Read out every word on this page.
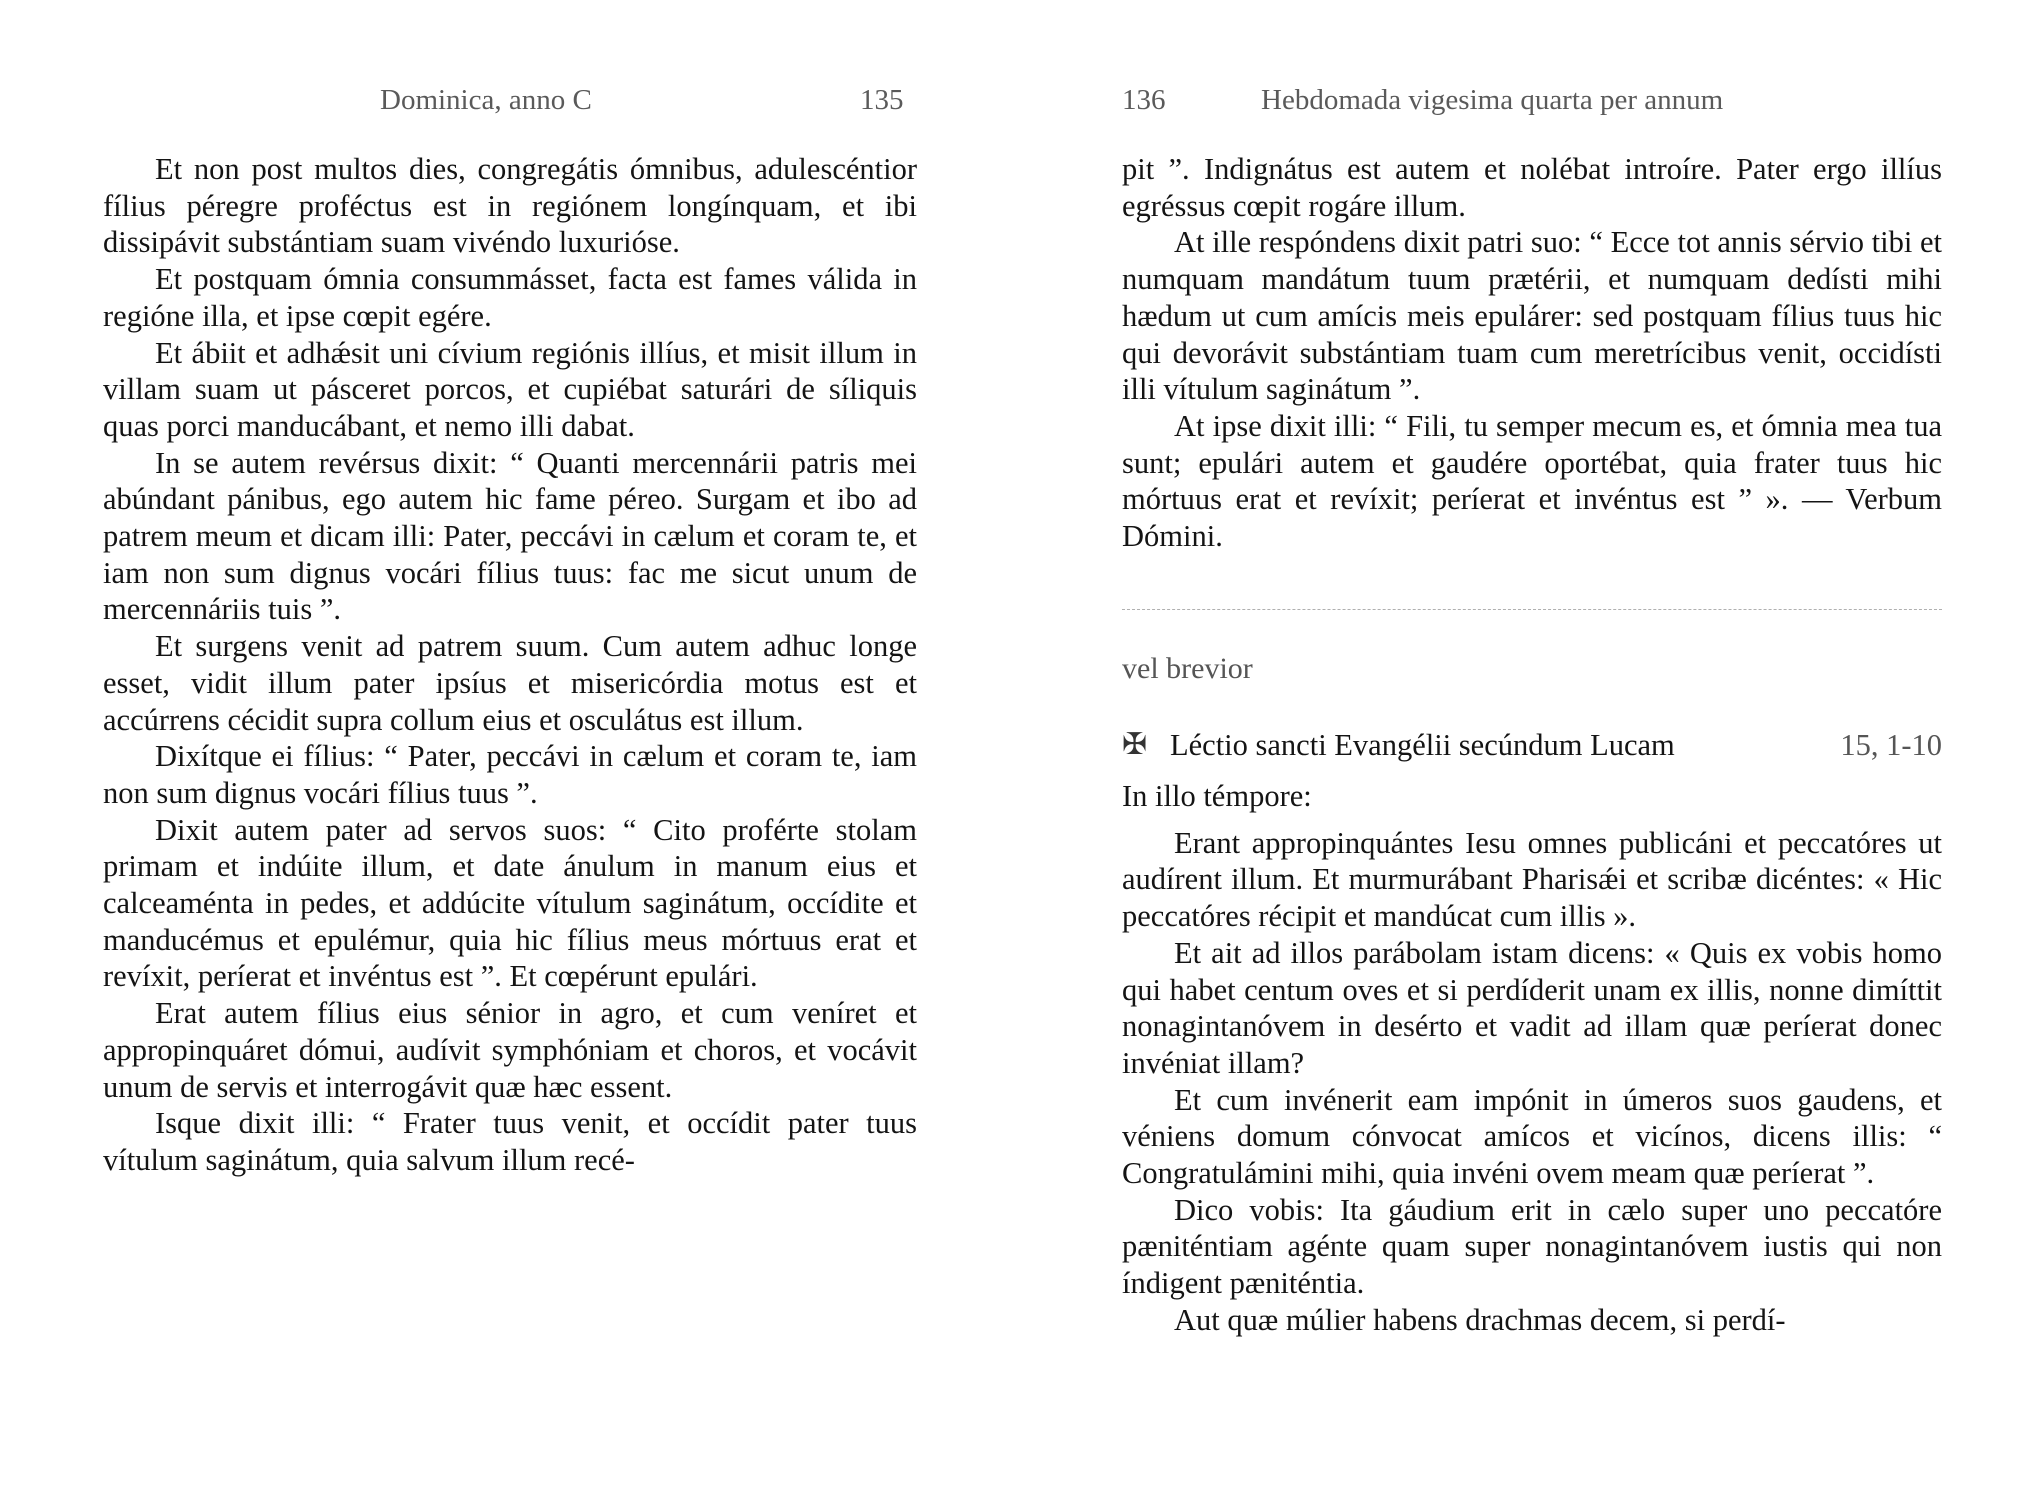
Dominica, anno C	135

Et non post multos dies, congregátis ómnibus, adulescéntior fílius péregre proféctus est in regiónem longínquam, et ibi dissipávit substántiam suam vivéndo luxurióse.

Et postquam ómnia consummásset, facta est fames válida in regióne illa, et ipse cœpit egére.

Et ábiit et adhǽsit uni cívium regiónis illíus, et misit illum in villam suam ut pásceret porcos, et cupiébat saturári de síliquis quas porci manducábant, et nemo illi dabat.

In se autem revérsus dixit: “ Quanti mercennárii patris mei abúndant pánibus, ego autem hic fame péreo. Surgam et ibo ad patrem meum et dicam illi: Pater, peccávi in cælum et coram te, et iam non sum dignus vocári fílius tuus: fac me sicut unum de mercennáriis tuis ”.

Et surgens venit ad patrem suum. Cum autem adhuc longe esset, vidit illum pater ipsíus et misericórdia motus est et accúrrens cécidit supra collum eius et osculátus est illum.

Dixítque ei fílius: “ Pater, peccávi in cælum et coram te, iam non sum dignus vocári fílius tuus ”.

Dixit autem pater ad servos suos: “ Cito proférte stolam primam et indúite illum, et date ánulum in manum eius et calceaménta in pedes, et addúcite vítulum saginátum, occídite et manducémus et epulémur, quia hic fílius meus mórtuus erat et revíxit, períerat et invéntus est ”. Et cœpérunt epulári.

Erat autem fílius eius sénior in agro, et cum veníret et appropinquáret dómui, audívit symphóniam et choros, et vocávit unum de servis et interrogávit quæ hæc essent.

Isque dixit illi: “ Frater tuus venit, et occídit pater tuus vítulum saginátum, quia salvum illum recé-

136	Hebdomada vigesima quarta per annum

pit ”. Indignátus est autem et nolébat introíre. Pater ergo illíus egréssus cœpit rogáre illum.

At ille respóndens dixit patri suo: “ Ecce tot annis sérvio tibi et numquam mandátum tuum prætérii, et numquam dedísti mihi hædum ut cum amícis meis epulárer: sed postquam fílius tuus hic qui devorávit substántiam tuam cum meretrícibus venit, occidísti illi vítulum saginátum ”.

At ipse dixit illi: “ Fili, tu semper mecum es, et ómnia mea tua sunt; epulári autem et gaudére oportébat, quia frater tuus hic mórtuus erat et revíxit; períerat et invéntus est ” ». — Verbum Dómini.

vel brevior
✠ Léctio sancti Evangélii secúndum Lucam	15, 1-10

In illo témpore:

Erant appropinquántes Iesu omnes publicáni et peccatóres ut audírent illum. Et murmurábant Pharisǽi et scribæ dicéntes: « Hic peccatóres récipit et mandúcat cum illis ».

Et ait ad illos parábolam istam dicens: « Quis ex vobis homo qui habet centum oves et si perdíderit unam ex illis, nonne dimíttit nonagintanóvem in desérto et vadit ad illam quæ períerat donec invéniat illam?

Et cum invénerit eam impónit in úmeros suos gaudens, et véniens domum cónvocat amícos et vicínos, dicens illis: “ Congratulámini mihi, quia invéni ovem meam quæ períerat ”.

Dico vobis: Ita gáudium erit in cælo super uno peccatóre pæniténtiam agénte quam super nonagintanóvem iustis qui non índigent pæniténtia.

Aut quæ múlier habens drachmas decem, si perdí-
